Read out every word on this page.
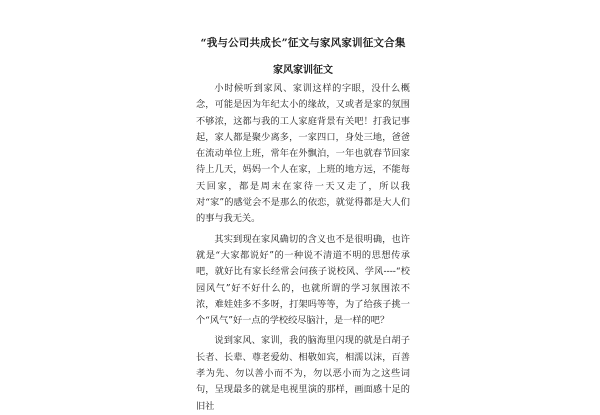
“我与公司共成长”征文与家风家训征文合集
家风家训征文

小时候听到家风、家训这样的字眼，没什么概念，可能是因为年纪太小的缘故，又或者是家的氛围不够浓，这都与我的工人家庭背景有关吧！打我记事起，家人都是聚少离多，一家四口，身处三地，爸爸在流动单位上班，常年在外飘泊，一年也就春节回家待上几天，妈妈一个人在家，上班的地方远，不能每天回家，都是周末在家待一天又走了，所以我对“家”的感觉会不是那么的依恋，就觉得都是大人们的事与我无关。

其实到现在家风确切的含义也不是很明确，也许就是“大家都说好”的一种说不清道不明的思想传承吧，就好比有家长经常会问孩子说校风、学风----“校园风气”好不好什么的，也就所谓的学习氛围浓不浓，难娃娃多不多呀，打架吗等等，为了给孩子挑一个“风气”好一点的学校绞尽脑汁，是一样的吧？

说到家风、家训，我的脑海里闪现的就是白胡子长者、长辈、尊老爱幼、相敬如宾，相濡以沫，百善孝为先、勿以善小而不为，勿以恶小而为之这些词句，呈现最多的就是电视里演的那样，画面感十足的旧社
